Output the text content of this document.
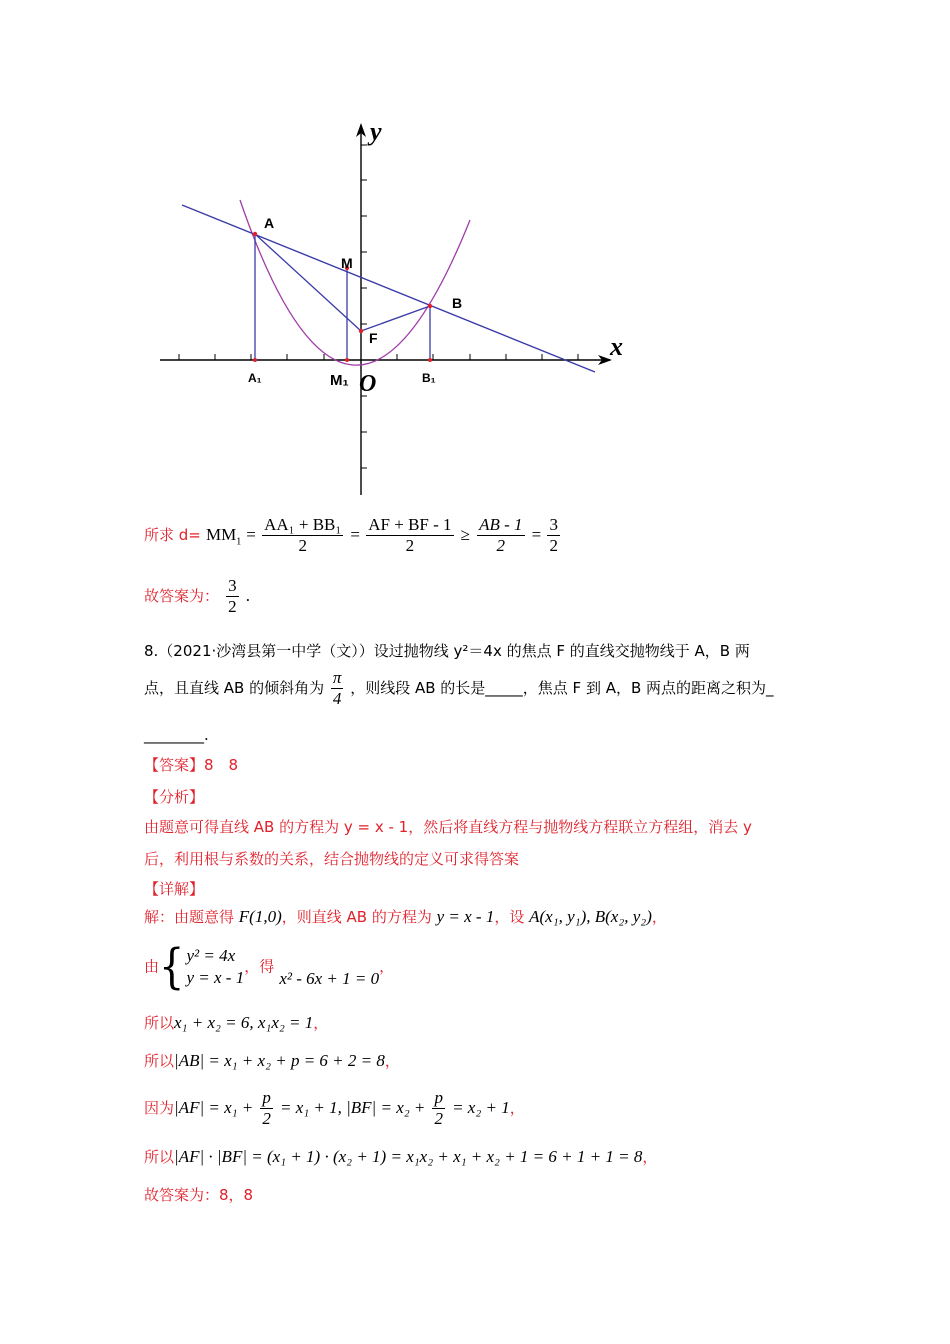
y
x
A
M
B
F
A₁	M₁ O	B₁
所求 $d= MM_1 = \frac{\text{AA₁ + BB₁}}{2} = \frac{AF + BF - 1}{2} \ge \frac{AB - 1}{2} = \frac{3}{2}$
故答案为： $\frac{3}{2}$ .
8.（2021·沙湾县第一中学（文））设过抛物线 y²＝4x 的焦点 F 的直线交抛物线于 A，B 两
点，且直线 AB 的倾斜角为 $\frac{\pi}{4}$ ，则线段 AB 的长是_____，焦点 F 到 A，B 两点的距离之积为_
________.
【答案】8　8
【分析】
由题意可得直线 AB 的方程为 y = x - 1，然后将直线方程与抛物线方程联立方程组，消去 y
后，利用根与系数的关系，结合抛物线的定义可求得答案
【详解】
解：由题意得 F(1,0)，则直线 AB 的方程为 y = x - 1，设 A(x₁, y₁), B(x₂, y₂)，
由{ y² = 4x
y = x - 1
，得 x² - 6x + 1 = 0，
所以x₁ + x₂ = 6, x₁x₂ = 1，
所以|AB| = x₁ + x₂ + p = 6 + 2 = 8，
因为$|AF| = x_1 + \frac{p}{2} = x_1 + 1$, $|BF| = x_2 + \frac{p}{2} = x_2 + 1$，
所以|AF| · |BF| = (x₁ + 1) · (x₂ + 1) = x₁x₂ + x₁ + x₂ + 1 = 6 + 1 + 1 = 8，
故答案为：8，8
